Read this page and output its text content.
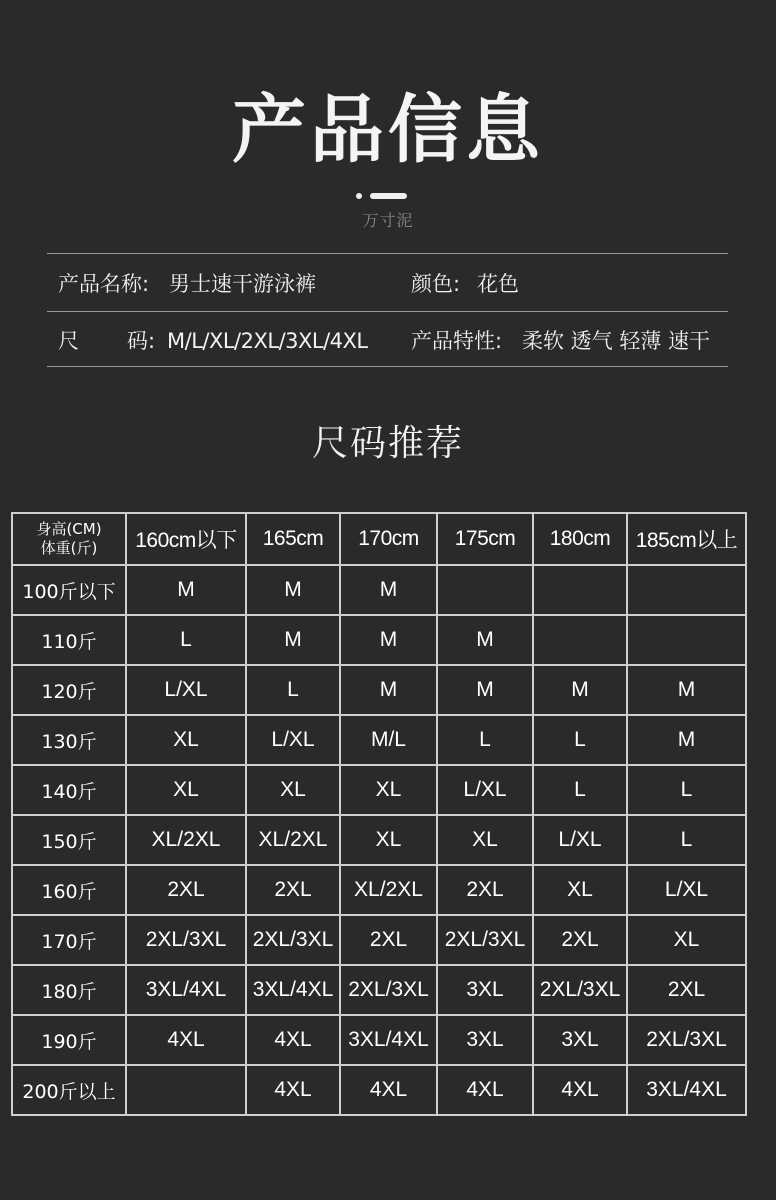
产品信息
万寸泥
产品名称: 男士速干游泳裤	颜色: 花色
尺 码: M/L/XL/2XL/3XL/4XL 产品特性: 柔软 透气 轻薄 速干
尺码推荐
身高(CM)
体重(斤)	160cm以下	165cm	170cm	175cm	180cm	185cm以上
100斤以下	M	M	M			
110斤	L	M	M	M		
120斤	L/XL	L	M	M	M	M
130斤	XL	L/XL	M/L	L	L	M
140斤	XL	XL	XL	L/XL	L	L
150斤	XL/2XL	XL/2XL	XL	XL	L/XL	L
160斤	2XL	2XL	XL/2XL	2XL	XL	L/XL
170斤	2XL/3XL	2XL/3XL	2XL	2XL/3XL	2XL	XL
180斤	3XL/4XL	3XL/4XL	2XL/3XL	3XL	2XL/3XL	2XL
190斤	4XL	4XL	3XL/4XL	3XL	3XL	2XL/3XL
200斤以上		4XL	4XL	4XL	4XL	3XL/4XL
